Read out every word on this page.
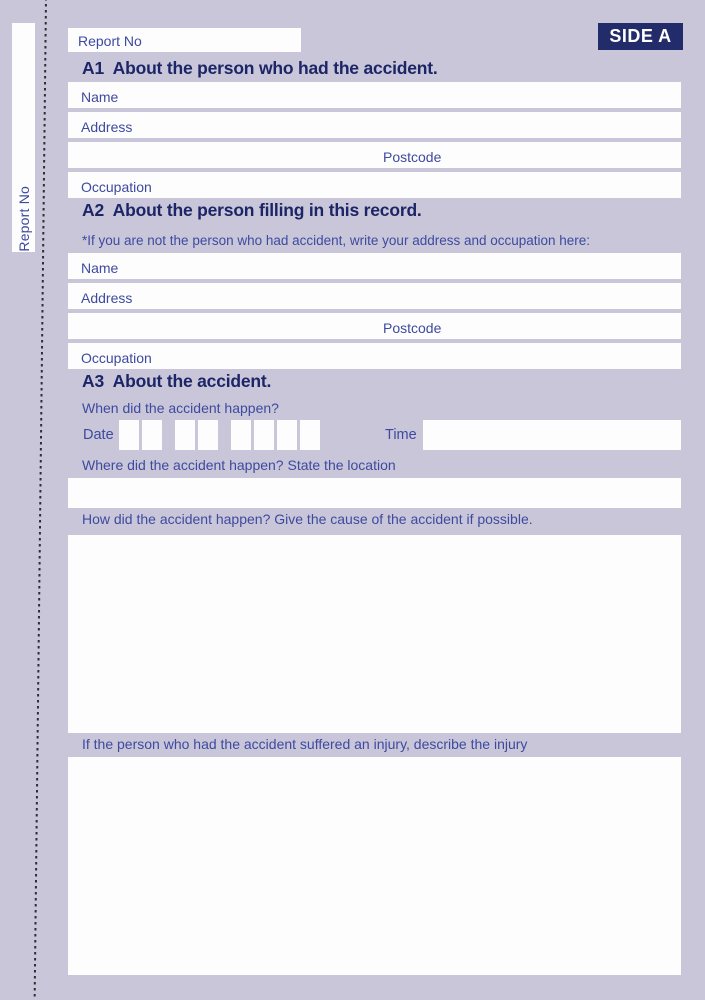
Report No
Report No	SIDE A
A1  About the person who had the accident.
Name
Address
Postcode
Occupation
A2  About the person filling in this record.
*If you are not the person who had accident, write your address and occupation here:
Name
Address
Postcode
Occupation
A3  About the accident.
When did the accident happen?
Date	Time
Where did the accident happen? State the location
How did the accident happen? Give the cause of the accident if possible.
If the person who had the accident suffered an injury, describe the injury
